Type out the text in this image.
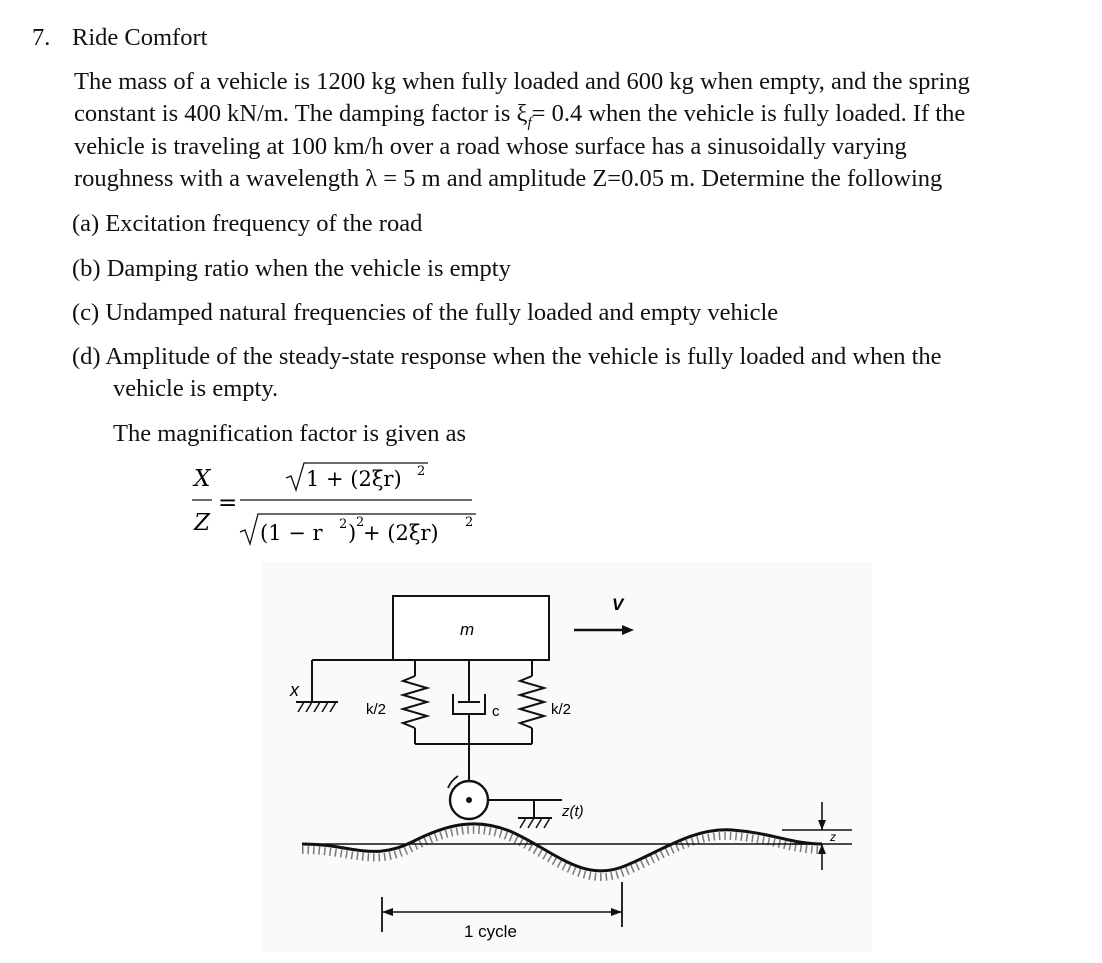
7. Ride Comfort
The mass of a vehicle is 1200 kg when fully loaded and 600 kg when empty, and the spring
constant is 400 kN/m. The damping factor is $\xi_f= 0.4$ when the vehicle is fully loaded. If the
vehicle is traveling at 100 km/h over a road whose surface has a sinusoidally varying
roughness with a wavelength λ = 5 m and amplitude Z=0.05 m. Determine the following
(a) Excitation frequency of the road
(b) Damping ratio when the vehicle is empty
(c) Undamped natural frequencies of the fully loaded and empty vehicle
(d) Amplitude of the steady-state response when the vehicle is fully loaded and when the
vehicle is empty.
The magnification factor is given as
X
Z
=
1 + (2ξr) 2
(1 − r 2 ) 2
+ (2ξr) 2
m
V
x
k/2	k/2
c
z(t)
z
1 cycle
